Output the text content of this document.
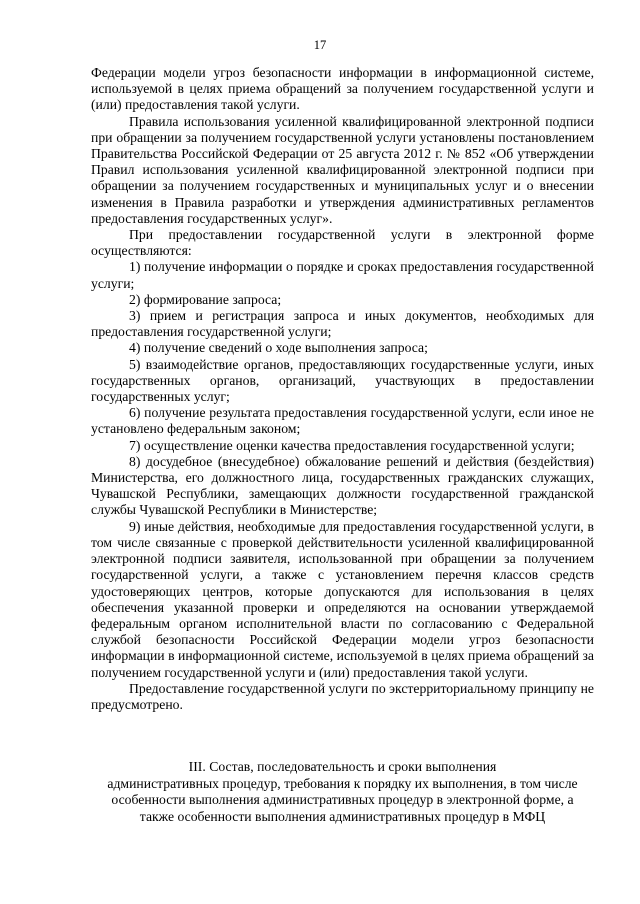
17

Федерации модели угроз безопасности информации в информационной системе, используемой в целях приема обращений за получением государственной услуги и (или) предоставления такой услуги.

Правила использования усиленной квалифицированной электронной подписи при обращении за получением государственной услуги установлены постановлением Правительства Российской Федерации от 25 августа 2012 г. № 852 «Об утверждении Правил использования усиленной квалифицированной электронной подписи при обращении за получением государственных и муниципальных услуг и о внесении изменения в Правила разработки и утверждения административных регламентов предоставления государственных услуг».

При предоставлении государственной услуги в электронной форме осуществляются:

1) получение информации о порядке и сроках предоставления государственной услуги;

2) формирование запроса;

3) прием и регистрация запроса и иных документов, необходимых для предоставления государственной услуги;

4) получение сведений о ходе выполнения запроса;

5) взаимодействие органов, предоставляющих государственные услуги, иных государственных органов, организаций, участвующих в предоставлении государственных услуг;

6) получение результата предоставления государственной услуги, если иное не установлено федеральным законом;

7) осуществление оценки качества предоставления государственной услуги;

8) досудебное (внесудебное) обжалование решений и действия (бездействия) Министерства, его должностного лица, государственных гражданских служащих, Чувашской Республики, замещающих должности государственной гражданской службы Чувашской Республики в Министерстве;

9) иные действия, необходимые для предоставления государственной услуги, в том числе связанные с проверкой действительности усиленной квалифицированной электронной подписи заявителя, использованной при обращении за получением государственной услуги, а также с установлением перечня классов средств удостоверяющих центров, которые допускаются для использования в целях обеспечения указанной проверки и определяются на основании утверждаемой федеральным органом исполнительной власти по согласованию с Федеральной службой безопасности Российской Федерации модели угроз безопасности информации в информационной системе, используемой в целях приема обращений за получением государственной услуги и (или) предоставления такой услуги.

Предоставление государственной услуги по экстерриториальному принципу не предусмотрено.

III. Состав, последовательность и сроки выполнения
административных процедур, требования к порядку их выполнения, в том числе
особенности выполнения административных процедур в электронной форме, а
также особенности выполнения административных процедур в МФЦ
